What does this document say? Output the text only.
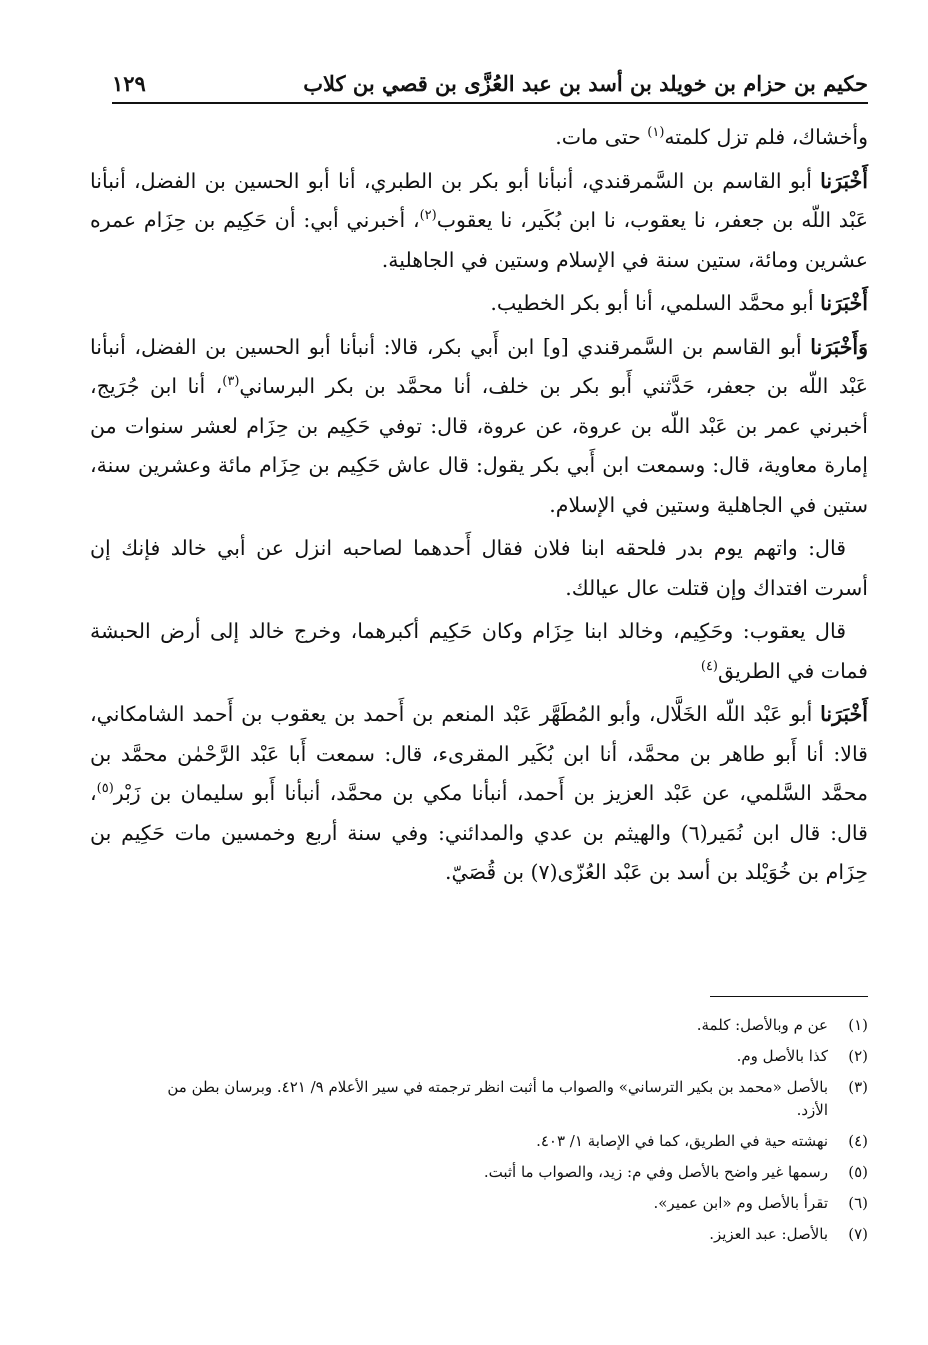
حكيم بن حزام بن خويلد بن أسد بن عبد العُزَّى بن قصي بن كلاب
١٢٩

وأخشاك، فلم تزل كلمته$^{(١)}$ حتى مات.

أَخْبَرَنا أبو القاسم بن السَّمرقندي، أنبأنا أبو بكر بن الطبري، أنا أبو الحسين بن الفضل، أنبأنا عَبْد اللّه بن جعفر، نا يعقوب، نا ابن بُكَير، نا يعقوب$^{(٢)}$، أخبرني أبي: أن حَكِيم بن حِزَام عمره عشرين ومائة، ستين سنة في الإسلام وستين في الجاهلية.

أَخْبَرَنا أبو محمَّد السلمي، أنا أبو بكر الخطيب.

وَأَخْبَرَنا أبو القاسم بن السَّمرقندي [و] ابن أَبي بكر، قالا: أنبأنا أبو الحسين بن الفضل، أنبأنا عَبْد اللّه بن جعفر، حَدَّثني أَبو بكر بن خلف، أنا محمَّد بن بكر البرساني$^{(٣)}$، أنا ابن جُرَيج، أخبرني عمر بن عَبْد اللّه بن عروة، عن عروة، قال: توفي حَكِيم بن حِزَام لعشر سنوات من إمارة معاوية، قال: وسمعت ابن أَبي بكر يقول: قال عاش حَكِيم بن حِزَام مائة وعشرين سنة، ستين في الجاهلية وستين في الإسلام.

قال: واتهم يوم بدر فلحقه ابنا فلان فقال أَحدهما لصاحبه انزل عن أبي خالد فإنك إن أسرت افتداك وإن قتلت عال عيالك.

قال يعقوب: وحَكِيم، وخالد ابنا حِزَام وكان حَكِيم أكبرهما، وخرج خالد إلى أرض الحبشة فمات في الطريق$^{(٤)}$

أَخْبَرَنا أبو عَبْد اللّه الخَلَّال، وأبو المُطَهَّر عَبْد المنعم بن أَحمد بن يعقوب بن أَحمد الشامكاني، قالا: أنا أَبو طاهر بن محمَّد، أنا ابن بُكَير المقرىء، قال: سمعت أَبا عَبْد الرَّحْمٰن محمَّد بن محمَّد السَّلمي، عن عَبْد العزيز بن أَحمد، أنبأنا مكي بن محمَّد، أنبأنا أَبو سليمان بن زَبْر$^{(٥)}$، قال: قال ابن نُمَير(٦) والهيثم بن عدي والمدائني: وفي سنة أربع وخمسين مات حَكِيم بن حِزَام بن خُوَيْلد بن أسد بن عَبْد العُزّى(٧) بن قُصَيّ.

(١)
عن م وبالأصل: كلمة.
(٢)
كذا بالأصل وم.
(٣)
بالأصل «محمد بن بكير الترساني» والصواب ما أثبت انظر ترجمته في سير الأعلام ٩/ ٤٢١. وبرسان بطن من الأزد.
(٤)
نهشته حية في الطريق، كما في الإصابة ١/ ٤٠٣.
(٥)
رسمها غير واضح بالأصل وفي م: زيد، والصواب ما أثبت.
(٦)
تقرأ بالأصل وم «ابن عمير».
(٧)
بالأصل: عبد العزيز.
